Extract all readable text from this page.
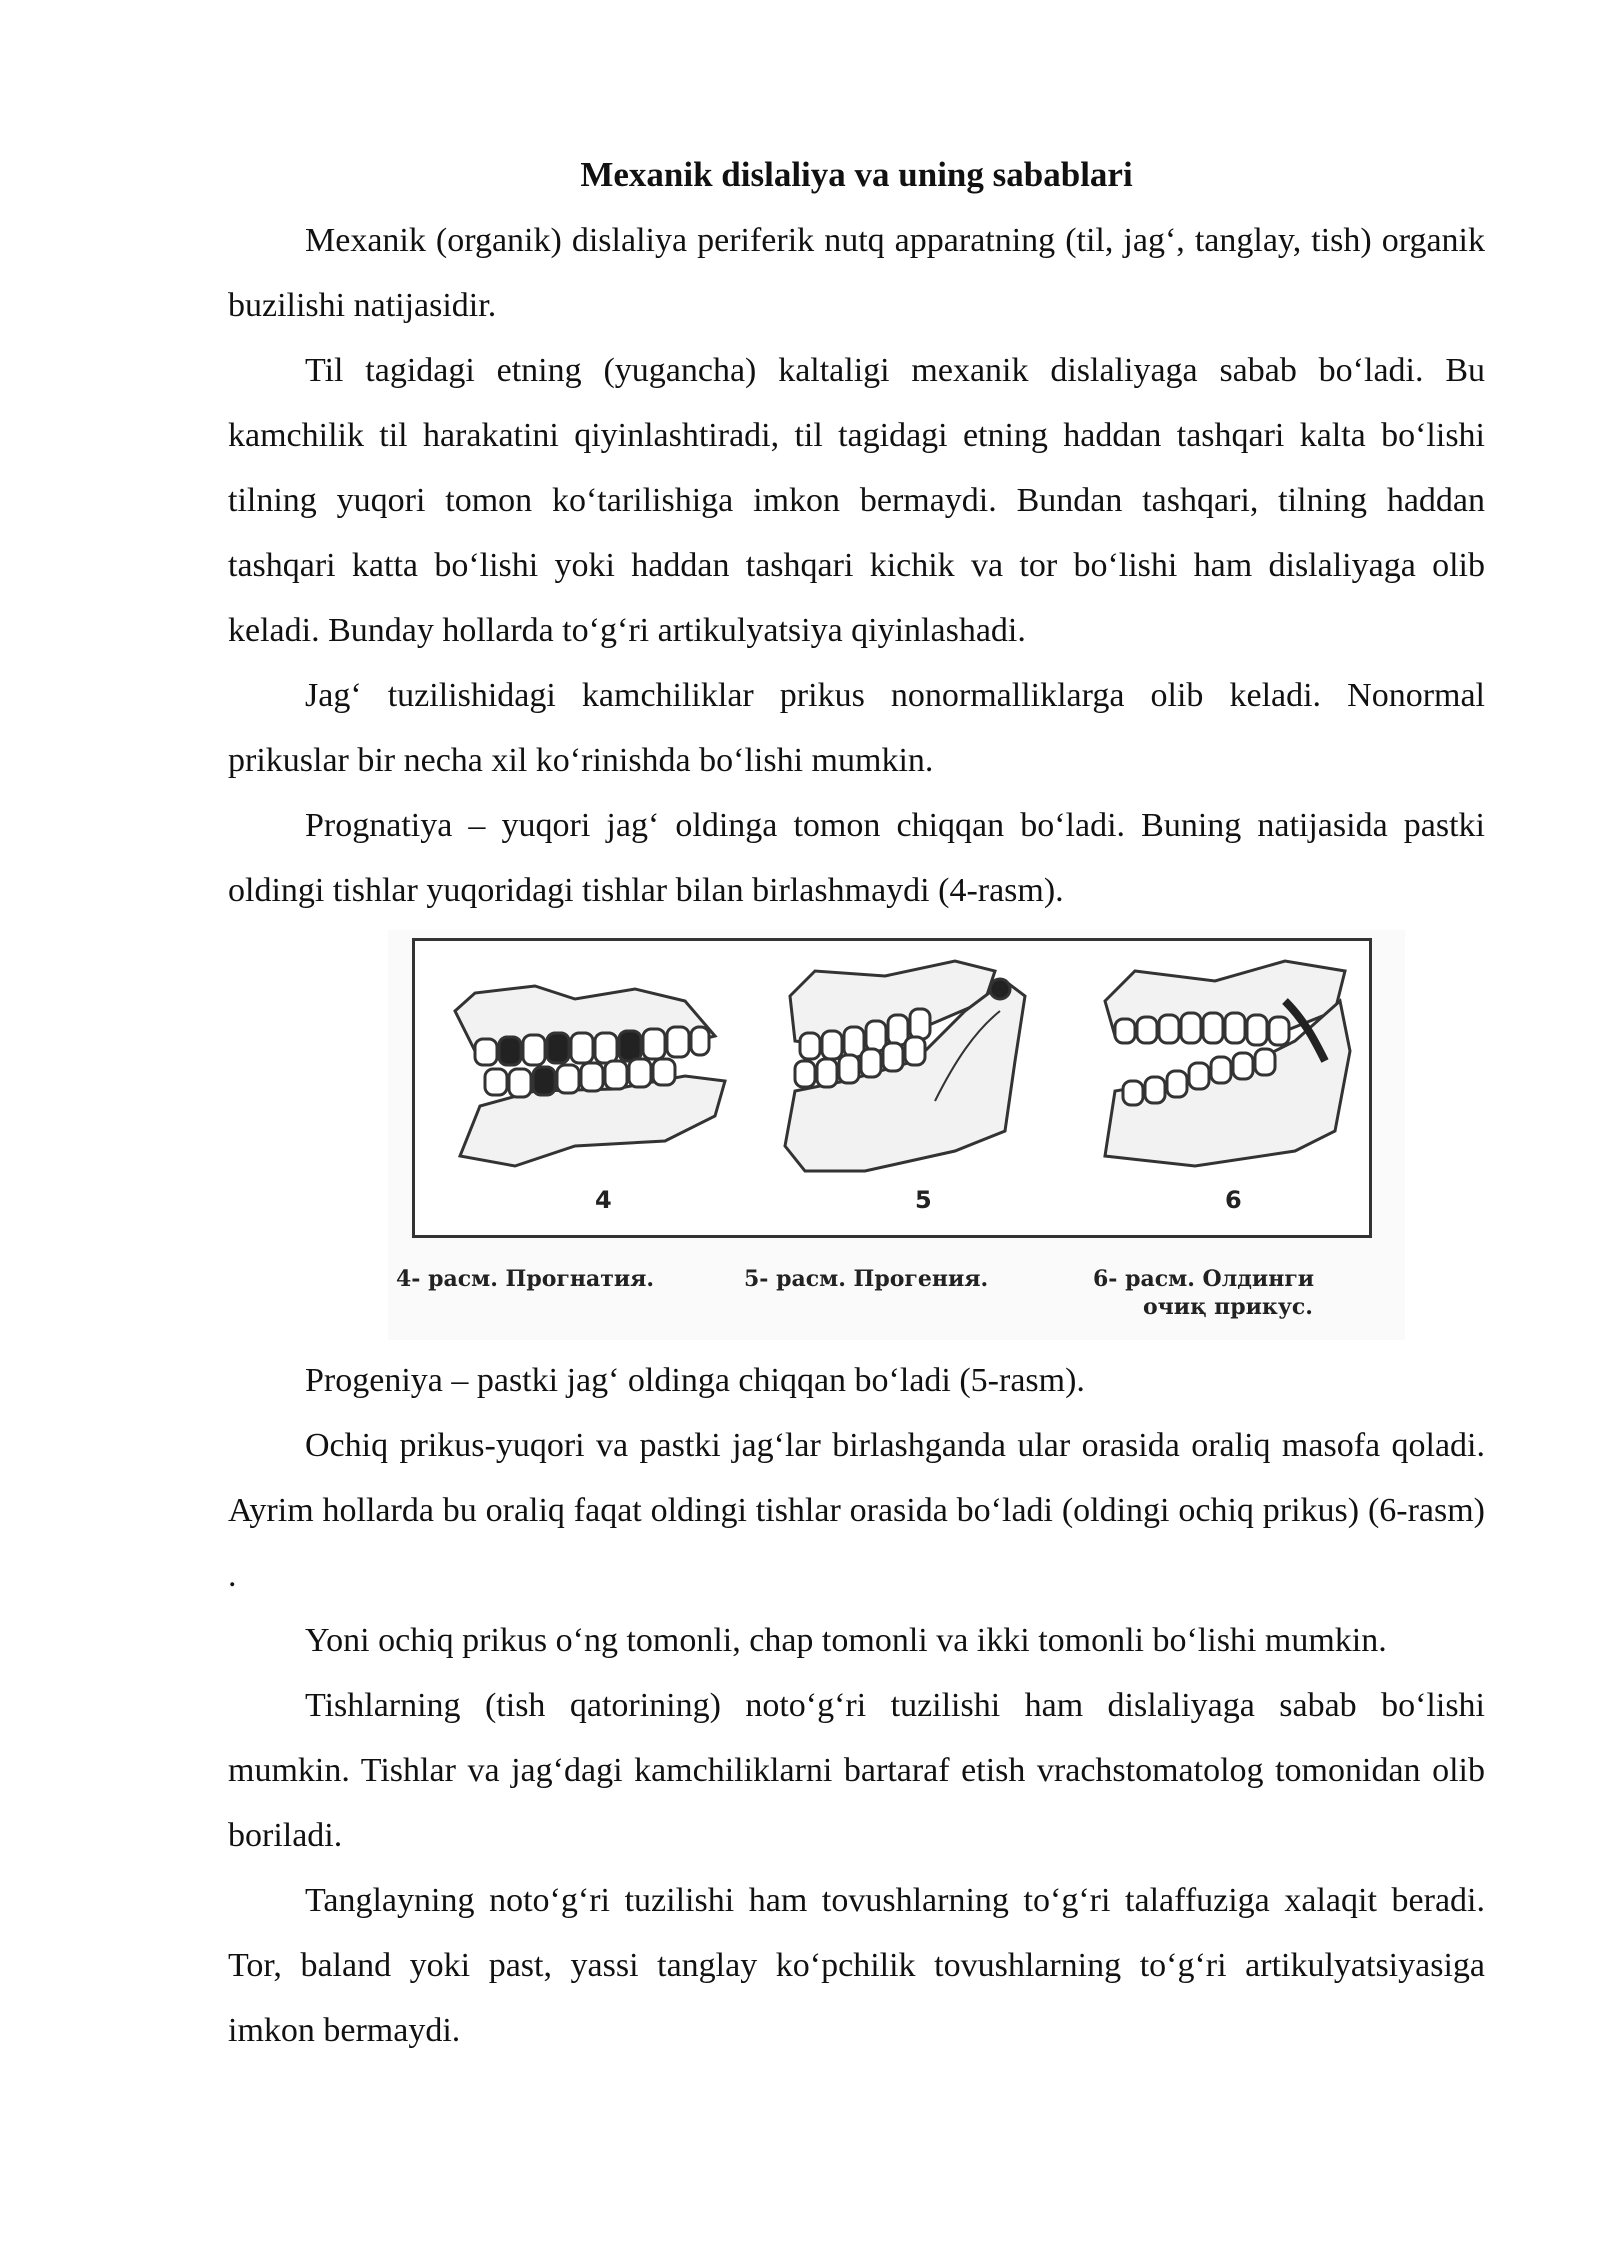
Mexanik dislaliya va uning sabablari

Mexanik (organik) dislaliya periferik nutq apparatning (til, jag‘, tanglay, tish) organik buzilishi natijasidir.

Til tagidagi etning (yugancha) kaltaligi mexanik dislaliyaga sabab bo‘ladi. Bu kamchilik til harakatini qiyinlashtiradi, til tagidagi etning haddan tashqari kalta bo‘lishi tilning yuqori tomon ko‘tarilishiga imkon bermaydi. Bundan tashqari, tilning haddan tashqari katta bo‘lishi yoki haddan tashqari kichik va tor bo‘lishi ham dislaliyaga olib keladi. Bunday hollarda to‘g‘ri artikulyatsiya qiyinlashadi.

Jag‘ tuzilishidagi kamchiliklar prikus nonormalliklarga olib keladi. Nonormal prikuslar bir necha xil ko‘rinishda bo‘lishi mumkin.

Prognatiya – yuqori jag‘ oldinga tomon chiqqan bo‘ladi. Buning natijasida pastki oldingi tishlar yuqoridagi tishlar bilan birlashmaydi (4-rasm).

4	5	6
4- расм. Прогнатия.	5- расм. Прогения.	6- расм. Олдинги
очиқ прикус.

Progeniya – pastki jag‘ oldinga chiqqan bo‘ladi (5-rasm).

Ochiq prikus-yuqori va pastki jag‘lar birlashganda ular orasida oraliq masofa qoladi. Ayrim hollarda bu oraliq faqat oldingi tishlar orasida bo‘ladi (oldingi ochiq prikus) (6-rasm) .

Yoni ochiq prikus o‘ng tomonli, chap tomonli va ikki tomonli bo‘lishi mumkin.

Tishlarning (tish qatorining) noto‘g‘ri tuzilishi ham dislaliyaga sabab bo‘lishi mumkin. Tishlar va jag‘dagi kamchiliklarni bartaraf etish vrachstomatolog tomonidan olib boriladi.

Tanglayning noto‘g‘ri tuzilishi ham tovushlarning to‘g‘ri talaffuziga xalaqit beradi. Tor, baland yoki past, yassi tanglay ko‘pchilik tovushlarning to‘g‘ri artikulyatsiyasiga imkon bermaydi.
